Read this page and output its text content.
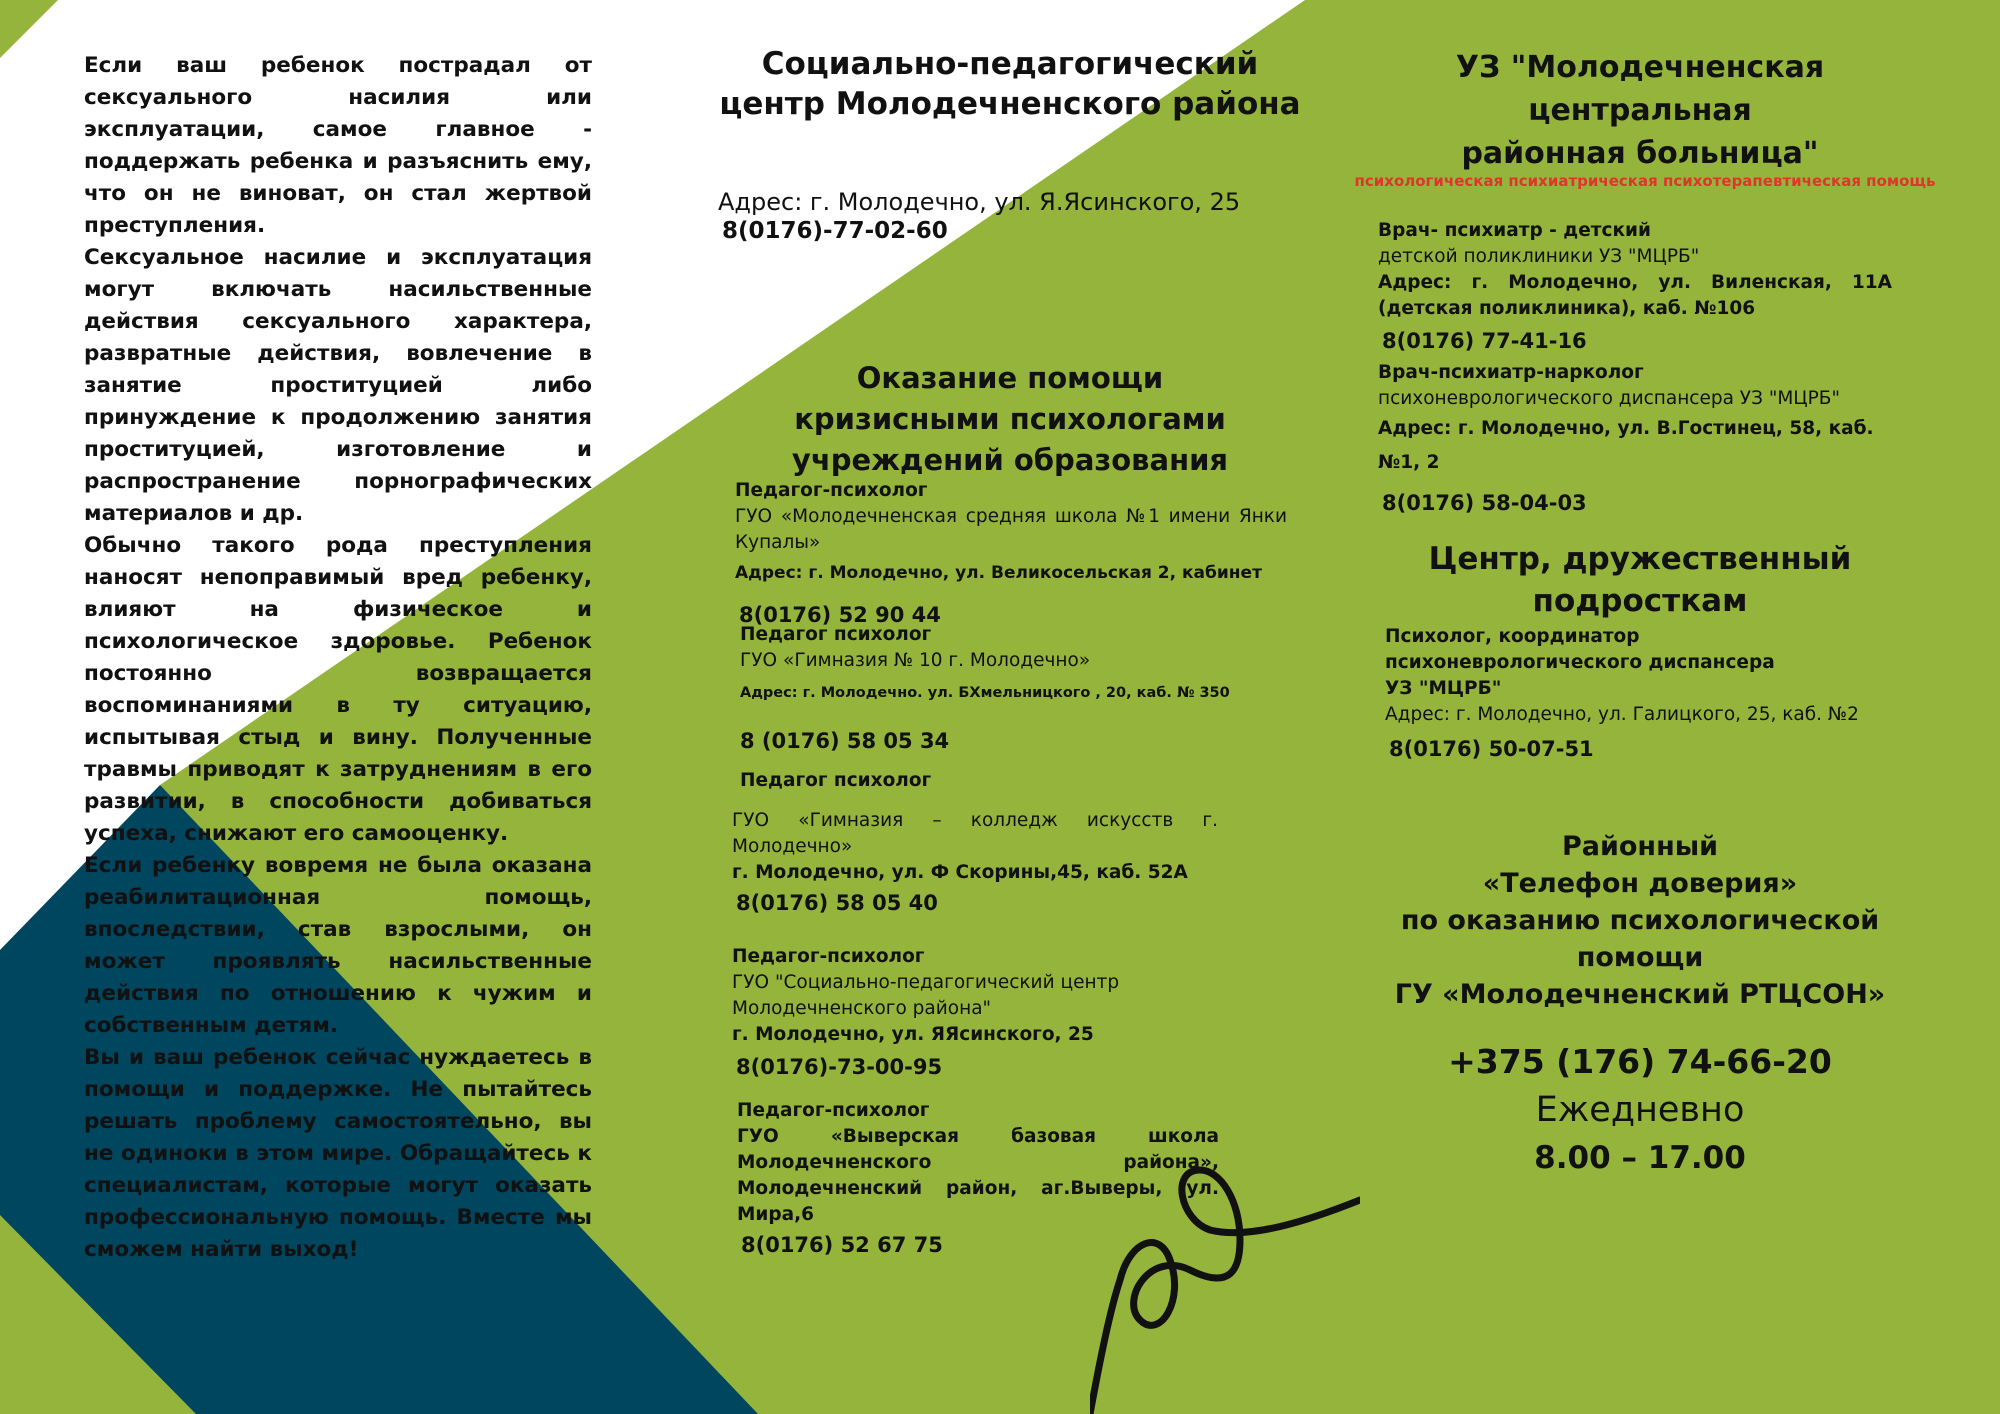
Если ваш ребенок пострадал от сексуального насилия или эксплуатации, самое главное - поддержать ребенка и разъяснить ему, что он не виноват, он стал жертвой преступления.

Сексуальное насилие и эксплуатация могут включать насильственные действия сексуального характера, развратные действия, вовлечение в занятие проституцией либо принуждение к продолжению занятия проституцией, изготовление и распространение порнографических материалов и др.

Обычно такого рода преступления наносят непоправимый вред ребенку, влияют на физическое и психологическое здоровье. Ребенок постоянно возвращается воспоминаниями в ту ситуацию, испытывая стыд и вину. Полученные травмы приводят к затруднениям в его развитии, в способности добиваться успеха, снижают его самооценку.

Если ребенку вовремя не была оказана реабилитационная помощь, впоследствии, став взрослыми, он может проявлять насильственные действия по отношению к чужим и собственным детям.

Вы и ваш ребенок сейчас нуждаетесь в помощи и поддержке. Не пытайтесь решать проблему самостоятельно, вы не одиноки в этом мире. Обращайтесь к специалистам, которые могут оказать профессиональную помощь. Вместе мы сможем найти выход!

Социально-педагогический
центр Молодечненского района
Адрес: г. Молодечно, ул. Я.Ясинского, 25
8(0176)-77-02-60
Оказание помощи
кризисными психологами
учреждений образования
Педагог-психолог
ГУО «Молодечненская средняя школа №1 имени Янки Купалы»
Адрес: г. Молодечно, ул. Великосельская 2, кабинет
8(0176) 52 90 44
Педагог психолог
ГУО «Гимназия № 10 г. Молодечно»
Адрес: г. Молодечно. ул. БХмельницкого , 20, каб. № 350
8 (0176) 58 05 34
Педагог психолог
ГУО «Гимназия – колледж искусств г. Молодечно»
г. Молодечно, ул. Ф Скорины,45, каб. 52А
8(0176) 58 05 40
Педагог-психолог
ГУО "Социально-педагогический центр Молодечненского района"
г. Молодечно, ул. ЯЯсинского, 25
8(0176)-73-00-95
Педагог-психолог
ГУО «Выверская базовая школа Молодечненского района», Молодечненский район, аг.Выверы, ул. Мира,6
8(0176) 52 67 75
УЗ "Молодечненская
центральная
районная больница"
психологическая психиатрическая психотерапевтическая помощь
Врач- психиатр - детский
детской поликлиники УЗ "МЦРБ"
Адрес: г. Молодечно, ул. Виленская, 11А (детская поликлиника), каб. №106
8(0176) 77-41-16
Врач-психиатр-нарколог
психоневрологического диспансера УЗ "МЦРБ"
Адрес: г. Молодечно, ул. В.Гостинец, 58, каб. №1, 2
8(0176) 58-04-03
Центр, дружественный
подросткам
Психолог, координатор
психоневрологического диспансера
УЗ "МЦРБ"
Адрес: г. Молодечно, ул. Галицкого, 25, каб. №2
8(0176) 50-07-51
Районный
«Телефон доверия»
по оказанию психологической
помощи
ГУ «Молодечненский РТЦСОН»
+375 (176) 74-66-20
Ежедневно
8.00 – 17.00
